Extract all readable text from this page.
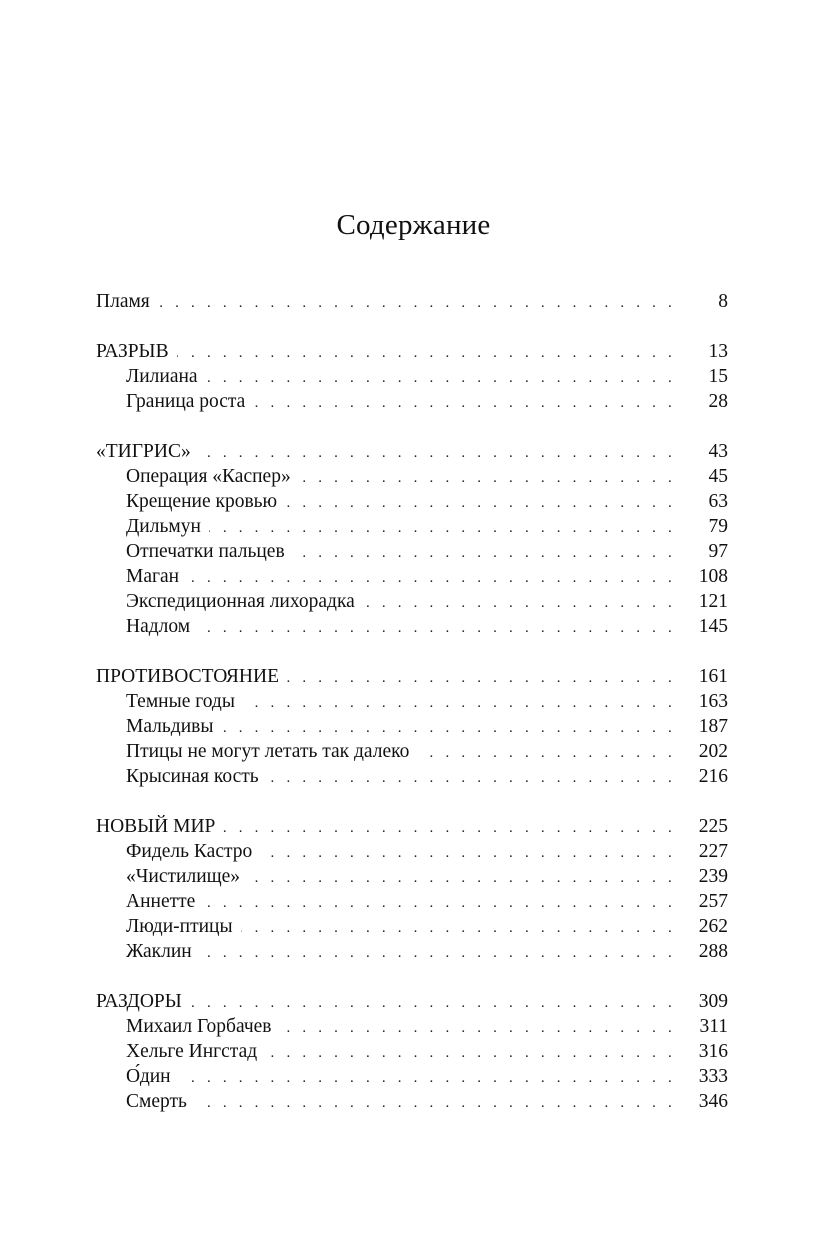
Содержание
Пламя . . .	8
РАЗРЫВ . . .	13
Лилиана . . .	15
Граница роста . . .	28
«ТИГРИС» . . .	43
Операция «Каспер» . . .	45
Крещение кровью . . .	63
Дильмун . . .	79
Отпечатки пальцев . . .	97
Маган . . .	108
Экспедиционная лихорадка . . .	121
Надлом . . .	145
ПРОТИВОСТОЯНИЕ . . .	161
Темные годы . . .	163
Мальдивы . . .	187
Птицы не могут летать так далеко . . .	202
Крысиная кость . . .	216
НОВЫЙ МИР . . .	225
Фидель Кастро . . .	227
«Чистилище» . . .	239
Аннетте . . .	257
Люди-птицы . . .	262
Жаклин . . .	288
РАЗДОРЫ . . .	309
Михаил Горбачев . . .	311
Хельге Ингстад . . .	316
О́дин . . .	333
Смерть . . .	346
